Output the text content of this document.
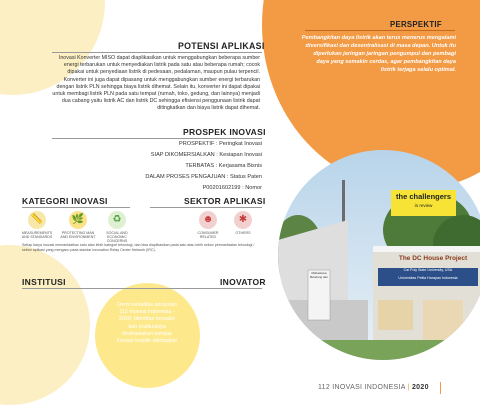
POTENSI APLIKASI
Inovasi Konverter MISO dapat diaplikasikan untuk menggabungkan beberapa sumber energi terbarukan untuk menyediakan listrik pada satu atau beberapa rumah; cocok dipakai untuk penyediaan listrik di pedesaan, pedalaman, maupun pulau terpencil. Konverter ini juga dapat dipasang untuk menggabungkan sumber energi terbarukan dengan listrik PLN sehingga biaya listrik dihemat. Selain itu, konverter ini dapat dipakai untuk membagi listrik PLN pada satu tempat (rumah, toko, gedung, dan lainnya) menjadi dua cabang yaitu listrik AC dan listrik DC sehingga efisiensi penggunaan listrik dapat ditingkatkan dan biaya listrik dapat dihemat.
PROSPEK INOVASI
PROSPEKTIF : Peringkat Inovasi
SIAP DIKOMERSIALKAN : Kesiapan Inovasi
TERBATAS : Kerjasama Bisnis
DALAM PROSES PENGAJUAN : Status Paten
P00201602199 : Nomor
PERSPEKTIF
Pembangkitan daya listrik akan terus menerus mengalami diversifikasi dan desentralisasi di masa depan. Untuk itu diperlukan jaringan jaringan pengumpul dan pembagi daya yang semakin cerdas, agar pembangkitan daya listrik terjaga selalu optimal.
KATEGORI INOVASI
📏
MEASUREMENTS AND STANDARDS
🌿
PROTECTING MAN AND ENVIRONMENT
♻
SOCIAL AND ECONOMIC CONCERNS
SEKTOR APLIKASI
☻
CONSUMER RELATED
✱
OTHERS
Setiap karya inovasi memanfaatkan satu atau lebih kategori teknologi, dan bisa diaplikasikan pada satu atau lebih sektor permanfaatan teknologi / sektor aplikasi yang mengacu pada standar Innovation Relay Center Network (IRC).
INSTITUSI	INOVATOR
Demi netralitas penjurian 112 Inovasi Indonesia - 2020, Identitas Inovator dan Institusinya dirahasiakan sampai Inovasi terpilih ditetapkan
the challengers
in review
The DC House Project
Cal Poly State University, USA
Universitas Pelita Harapan Indonesia
Mahasiswa Bandung dan
112 INOVASI INDONESIA | 2020
